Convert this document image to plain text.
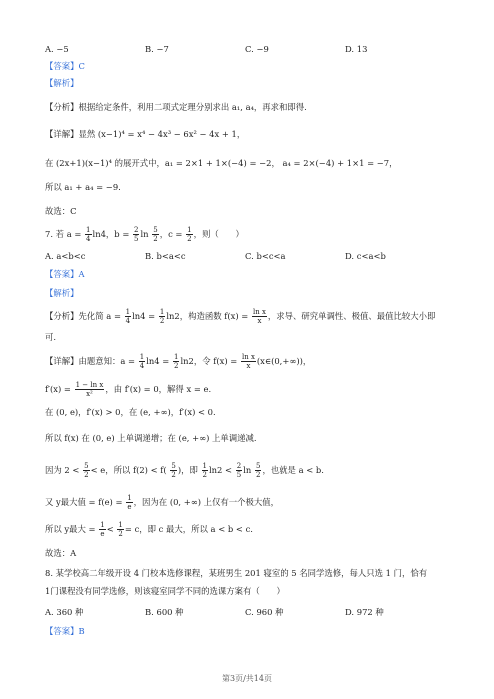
A. −5	B. −7	C. −9	D. 13
【答案】C
【解析】
【分析】根据给定条件，利用二项式定理分别求出 a₁, a₄，再求和即得.
【详解】显然 (x−1)⁴ = x⁴ − 4x³ − 6x² − 4x + 1，
在 (2x+1)(x−1)⁴ 的展开式中，a₁ = 2×1 + 1×(−4) = −2， a₄ = 2×(−4) + 1×1 = −7，
所以 a₁ + a₄ = −9.
故选：C
7. 若 $a = \frac{1}{4} \ln 4$，$b = \frac{2}{5}$ $\ln \frac{5}{2}$ ，$c = \frac{1}{2}$ ，则（　　）
A. a<b<c	B. b<a<c	C. b<c<a	D. c<a<b
【答案】A
【解析】
【分析】先化简 $a = \frac{1}{4} \ln 4 = \frac{1}{2} \ln 2$，构造函数 $f(x) = \frac{\text{ln x}}{x}$ ，求导、研究单调性、极值、最值比较大小即
可.
【详解】由题意知：$a = \frac{1}{4} \ln 4 = \frac{1}{2} \ln 2$，令 $f(x) = \frac{\text{ln x}}{x}$ (x∈(0,+∞))，
$f'(x) = \frac{\text{1 − ln x}}{\text{x²}}$ ，由 f′(x) = 0，解得 x = e.
在 (0, e)，f′(x) > 0，在 (e, +∞)，f′(x) < 0.
所以 f(x) 在 (0, e) 上单调递增；在 (e, +∞) 上单调递减.
因为 $2 < \frac{5}{2} < e$，所以 $f(2) < f( \frac{5}{2}$ )，即 $\frac{1}{2} \ln 2 < \frac{2}{5}$ $\ln \frac{5}{2}$ ，也就是 a < b.
又 y最大值 = $f(e) = \frac{1}{e}$ ，因为在 (0, +∞) 上仅有一个极大值，
所以 y最大 = $\frac{1}{e} < \frac{1}{2} = c$，即 c 最大，所以 a < b < c.
故选：A
8. 某学校高二年级开设 4 门校本选修课程，某班男生 201 寝室的 5 名同学选修，每人只选 1 门，恰有
1门课程没有同学选修，则该寝室同学不同的选课方案有（　　）
A. 360 种	B. 600 种	C. 960 种	D. 972 种
【答案】B
第3页/共14页
